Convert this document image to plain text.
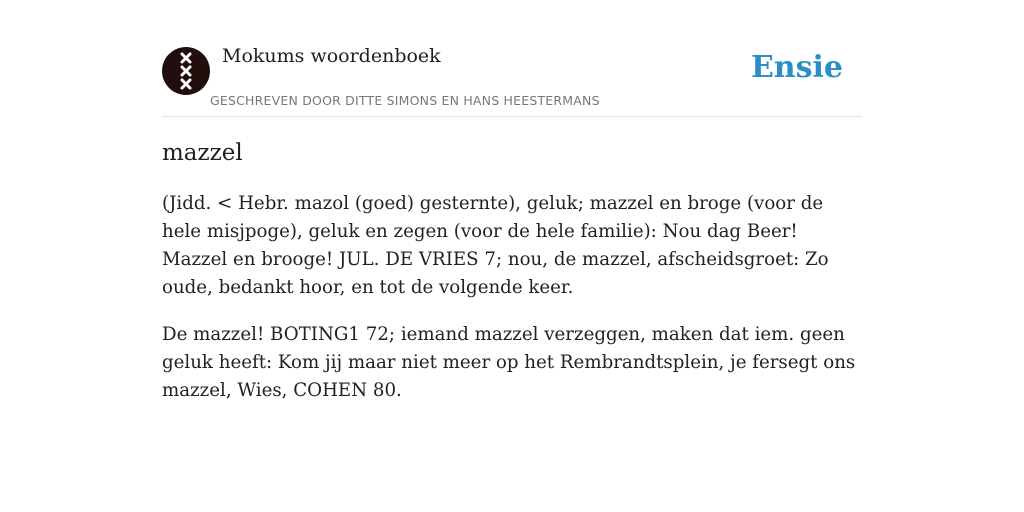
Mokums woordenboek
GESCHREVEN DOOR DITTE SIMONS EN HANS HEESTERMANS
Ensie
mazzel

(Jidd. < Hebr. mazol (goed) gesternte), geluk; mazzel en broge (voor de hele misjpoge), geluk en zegen (voor de hele familie): Nou dag Beer! Mazzel en brooge! JUL. DE VRIES 7; nou, de mazzel, afscheidsgroet: Zo oude, bedankt hoor, en tot de volgende keer.

De mazzel! BOTING1 72; iemand mazzel verzeggen, maken dat iem. geen geluk heeft: Kom jij maar niet meer op het Rembrandtsplein, je fersegt ons mazzel, Wies, COHEN 80.
